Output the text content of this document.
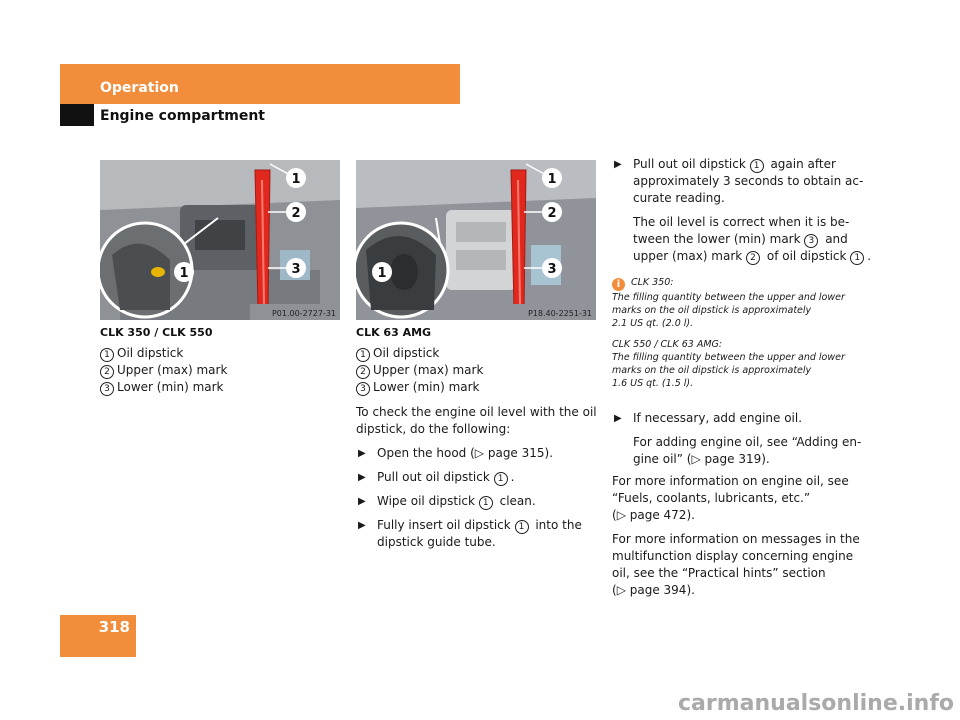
Operation
Engine compartment
1
2
3
1
P01.00-2727-31
1
2
3
1
P18.40-2251-31
CLK 350 / CLK 550
1 Oil dipstick
2 Upper (max) mark
3 Lower (min) mark
CLK 63 AMG
1 Oil dipstick
2 Upper (max) mark
3 Lower (min) mark
To check the engine oil level with the oil
dipstick, do the following:
▶ Open the hood (▷ page 315).
▶ Pull out oil dipstick 1 .
▶ Wipe oil dipstick 1 clean.
▶ Fully insert oil dipstick 1 into the
dipstick guide tube.
▶ Pull out oil dipstick 1 again after
approximately 3 seconds to obtain ac-
curate reading.
The oil level is correct when it is be-
tween the lower (min) mark 3 and
upper (max) mark 2 of oil dipstick 1 .
i CLK 350:
The filling quantity between the upper and lower
marks on the oil dipstick is approximately
2.1 US qt. (2.0 l).
CLK 550 / CLK 63 AMG:
The filling quantity between the upper and lower
marks on the oil dipstick is approximately
1.6 US qt. (1.5 l).
▶ If necessary, add engine oil.
For adding engine oil, see “Adding en-
gine oil” (▷ page 319).
For more information on engine oil, see
“Fuels, coolants, lubricants, etc.”
(▷ page 472).
For more information on messages in the
multifunction display concerning engine
oil, see the “Practical hints” section
(▷ page 394).
318
carmanualsonline.info
